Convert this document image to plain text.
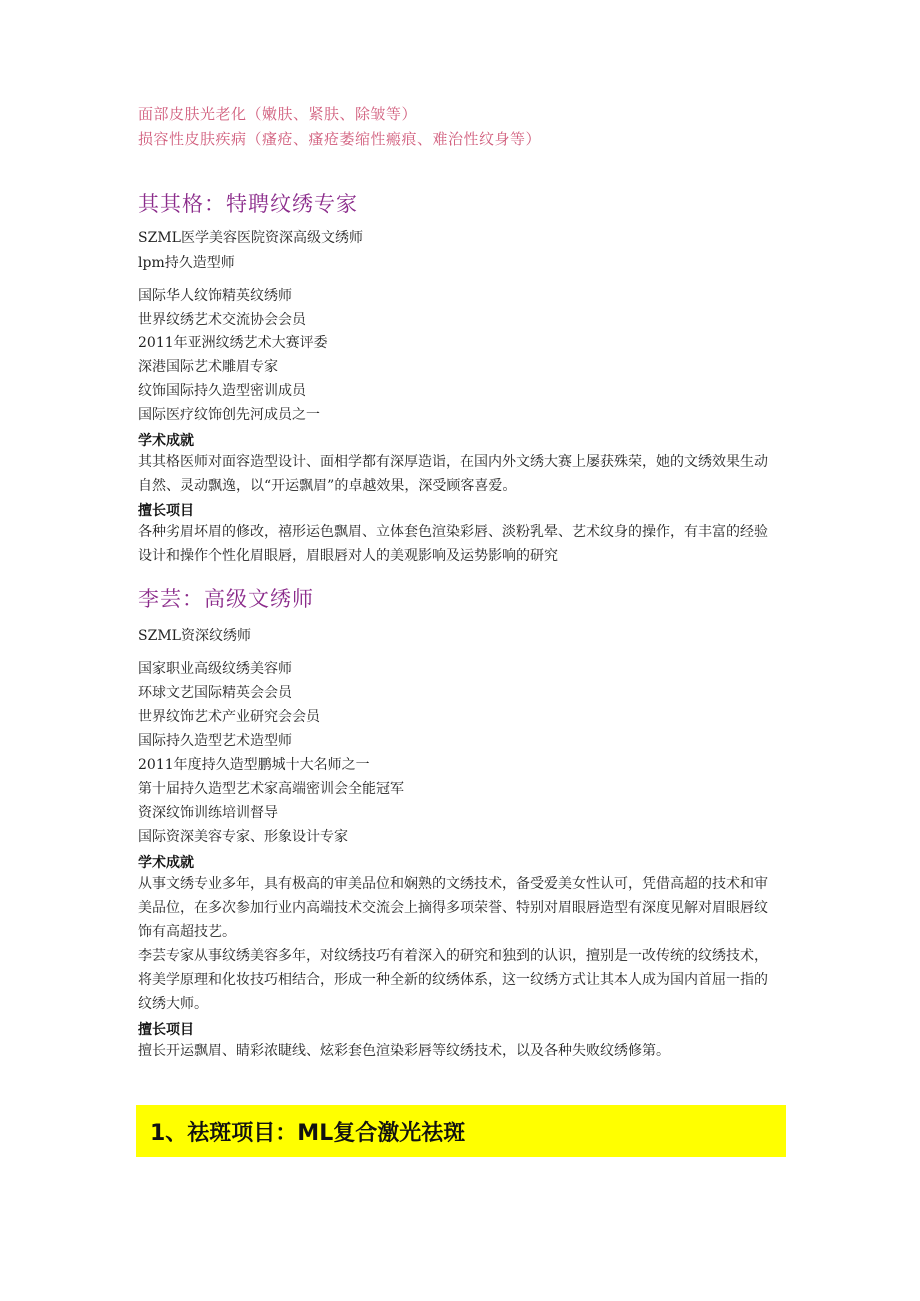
面部皮肤光老化（嫩肤、紧肤、除皱等）
损容性皮肤疾病（瘙疮、瘙疮萎缩性瘢痕、难治性纹身等）
其其格：特聘纹绣专家
SZML医学美容医院资深高级文绣师
lpm持久造型师
国际华人纹饰精英纹绣师
世界纹绣艺术交流协会会员
2011年亚洲纹绣艺术大赛评委
深港国际艺术雕眉专家
纹饰国际持久造型密训成员
国际医疗纹饰创先河成员之一
学术成就
其其格医师对面容造型设计、面相学都有深厚造诣，在国内外文绣大赛上屡获殊荣，她的文绣效果生动自然、灵动飘逸，以“开运飘眉”的卓越效果，深受顾客喜爱。
擅长项目
各种劣眉坏眉的修改，禧形运色飘眉、立体套色渲染彩唇、淡粉乳晕、艺术纹身的操作，有丰富的经验设计和操作个性化眉眼唇，眉眼唇对人的美观影响及运势影响的研究
李芸：高级文绣师
SZML资深纹绣师
国家职业高级纹绣美容师
环球文艺国际精英会会员
世界纹饰艺术产业研究会会员
国际持久造型艺术造型师
2011年度持久造型鹏城十大名师之一
第十届持久造型艺术家高端密训会全能冠军
资深纹饰训练培训督导
国际资深美容专家、形象设计专家
学术成就
从事文绣专业多年，具有极高的审美品位和娴熟的文绣技术，备受爱美女性认可，凭借高超的技术和审美品位，在多次参加行业内高端技术交流会上摘得多项荣誉、特别对眉眼唇造型有深度见解对眉眼唇纹饰有高超技艺。
李芸专家从事纹绣美容多年，对纹绣技巧有着深入的研究和独到的认识，擅别是一改传统的纹绣技术，将美学原理和化妆技巧相结合，形成一种全新的纹绣体系，这一纹绣方式让其本人成为国内首屈一指的纹绣大师。
擅长项目
擅长开运飘眉、睛彩浓睫线、炫彩套色渲染彩唇等纹绣技术，以及各种失败纹绣修第。
1、祛斑项目：ML复合激光祛斑
